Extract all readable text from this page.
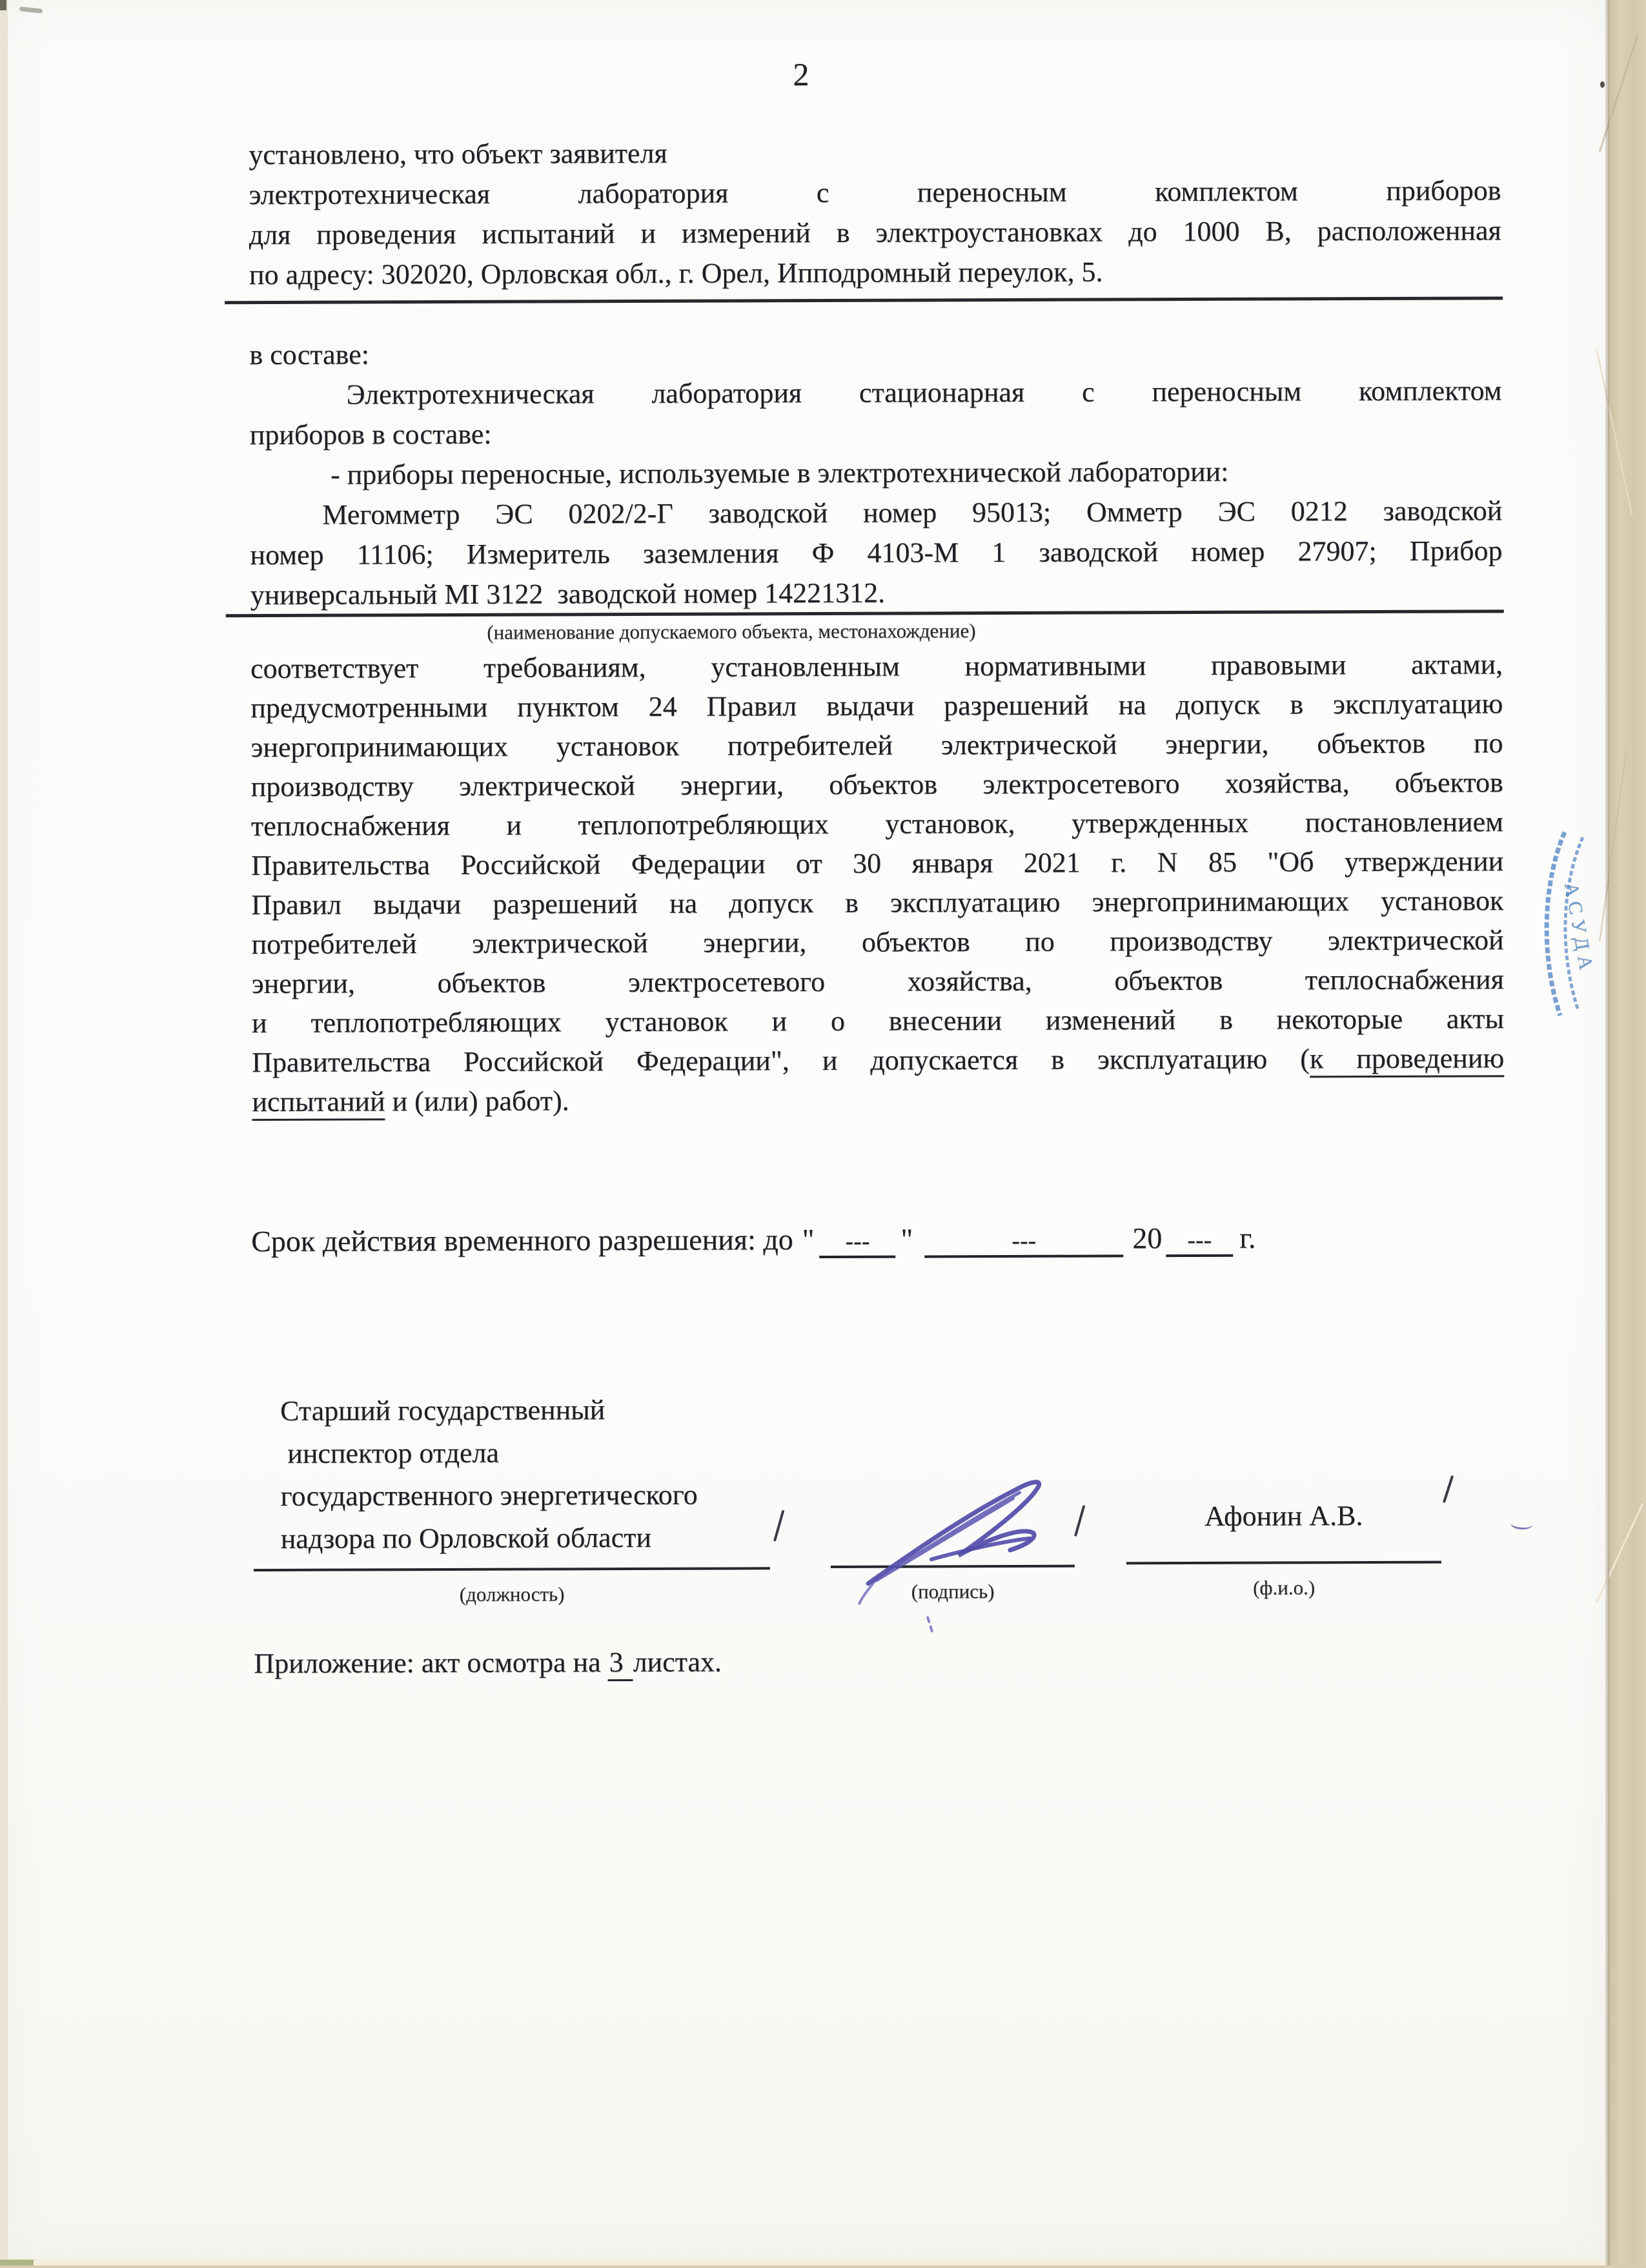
2
установлено, что объект заявителя
электротехническая лаборатория с переносным комплектом приборов
для проведения испытаний и измерений в электроустановках до 1000 В, расположенная
по адресу: 302020, Орловская обл., г. Орел, Ипподромный переулок, 5.
в составе:
Электротехническая лаборатория стационарная с переносным комплектом
приборов в составе:
- приборы переносные, используемые в электротехнической лаборатории:
Мегомметр ЭС 0202/2-Г заводской номер 95013; Омметр ЭС 0212 заводской
номер 11106; Измеритель заземления Ф 4103-М 1 заводской номер 27907; Прибор
универсальный MI 3122  заводской номер 14221312.
(наименование допускаемого объекта, местонахождение)
соответствует требованиям, установленным нормативными правовыми актами,
предусмотренными пунктом 24 Правил выдачи разрешений на допуск в эксплуатацию
энергопринимающих установок потребителей электрической энергии, объектов по
производству электрической энергии, объектов электросетевого хозяйства, объектов
теплоснабжения и теплопотребляющих установок, утвержденных постановлением
Правительства Российской Федерации от 30 января 2021 г. N 85 "Об утверждении
Правил выдачи разрешений на допуск в эксплуатацию энергопринимающих установок
потребителей электрической энергии, объектов по производству электрической
энергии, объектов электросетевого хозяйства, объектов теплоснабжения
и теплопотребляющих установок и о внесении изменений в некоторые акты
Правительства Российской Федерации", и допускается в эксплуатацию (к проведению
испытаний и (или) работ).
Срок действия временного разрешения: до " --- "	---	20 --- г.
Старший государственный
инспектор отдела
государственного энергетического
надзора по Орловской области
(должность)	(подпись)
Афонин А.В.
(ф.и.о.)
Приложение: акт осмотра на 3 листах.
АСУДА
